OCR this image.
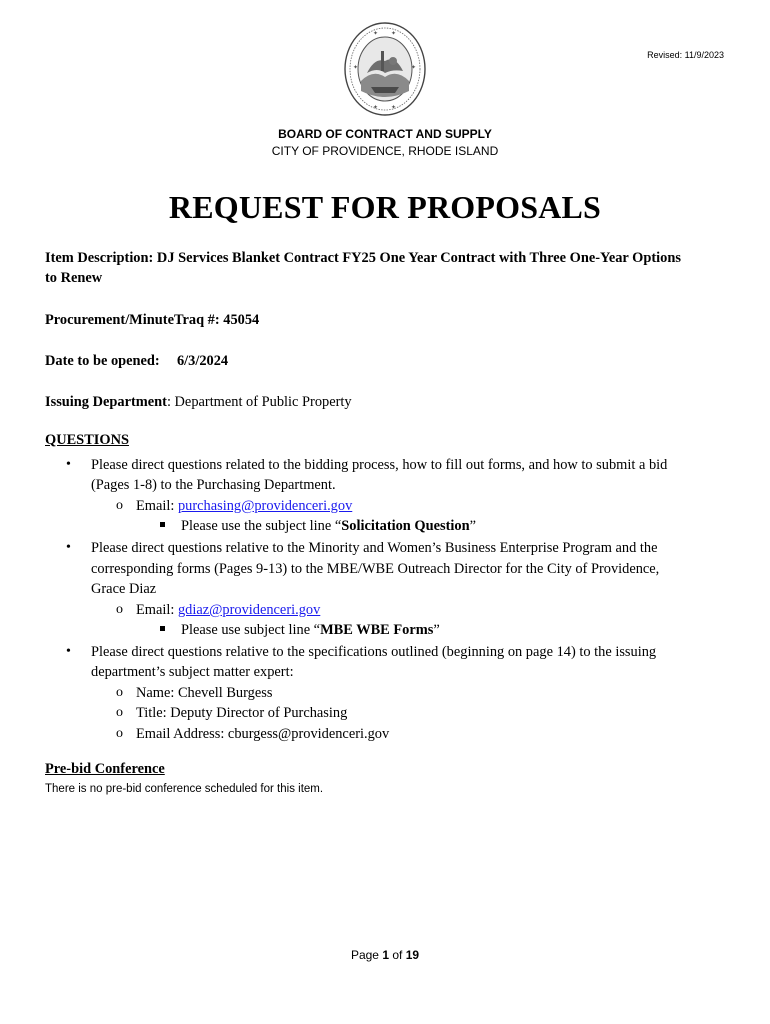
✦ ✦
✦	✦
✦ ✦
Revised: 11/9/2023
BOARD OF CONTRACT AND SUPPLY
CITY OF PROVIDENCE, RHODE ISLAND
REQUEST FOR PROPOSALS
Item Description: DJ Services Blanket Contract FY25 One Year Contract with Three One-Year Options
to Renew
Procurement/MinuteTraq #: 45054
Date to be opened: 6/3/2024
Issuing Department: Department of Public Property
QUESTIONS
• Please direct questions related to the bidding process, how to fill out forms, and how to submit a bid
(Pages 1-8) to the Purchasing Department.
o Email: purchasing@providenceri.gov
Please use the subject line “Solicitation Question”
• Please direct questions relative to the Minority and Women’s Business Enterprise Program and the
corresponding forms (Pages 9-13) to the MBE/WBE Outreach Director for the City of Providence,
Grace Diaz
o Email: gdiaz@providenceri.gov
Please use subject line “MBE WBE Forms”
• Please direct questions relative to the specifications outlined (beginning on page 14) to the issuing
department’s subject matter expert:
o Name: Chevell Burgess
o Title: Deputy Director of Purchasing
o Email Address: cburgess@providenceri.gov
Pre-bid Conference
There is no pre-bid conference scheduled for this item.
Page 1 of 19
